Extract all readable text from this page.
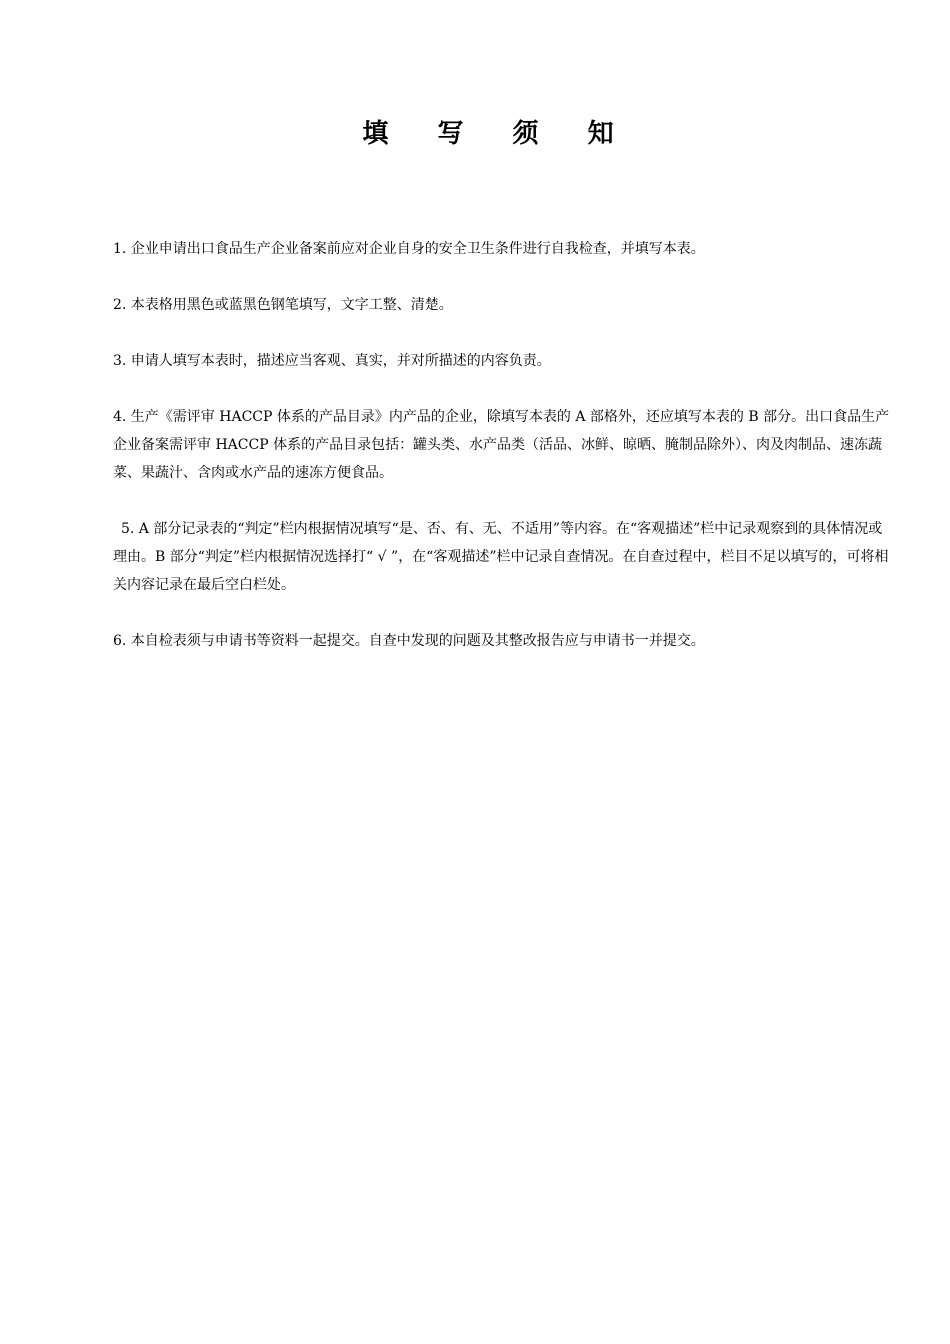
填 写 须 知

1. 企业申请出口食品生产企业备案前应对企业自身的安全卫生条件进行自我检查，并填写本表。

2. 本表格用黑色或蓝黑色钢笔填写，文字工整、清楚。

3. 申请人填写本表时，描述应当客观、真实，并对所描述的内容负责。

4. 生产《需评审 HACCP 体系的产品目录》内产品的企业，除填写本表的 A 部格外，还应填写本表的 B 部分。出口食品生产企业备案需评审 HACCP 体系的产品目录包括：罐头类、水产品类（活品、冰鲜、晾晒、腌制品除外）、肉及肉制品、速冻蔬菜、果蔬汁、含肉或水产品的速冻方便食品。

5. A 部分记录表的“判定”栏内根据情况填写“是、否、有、无、不适用”等内容。在“客观描述”栏中记录观察到的具体情况或理由。B 部分“判定”栏内根据情况选择打“ √ ”，在“客观描述”栏中记录自查情况。在自查过程中，栏目不足以填写的，可将相关内容记录在最后空白栏处。

6. 本自检表须与申请书等资料一起提交。自查中发现的问题及其整改报告应与申请书一并提交。
